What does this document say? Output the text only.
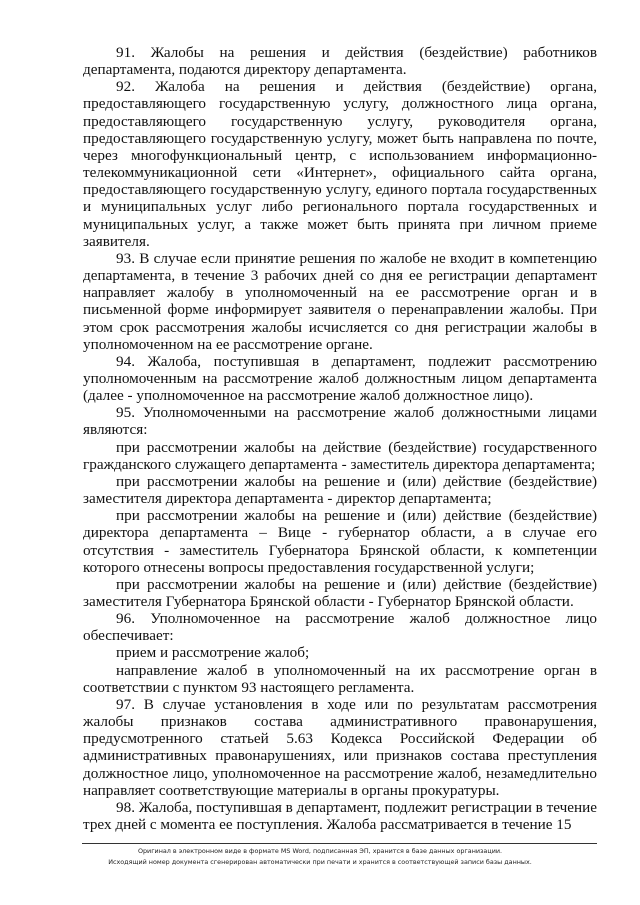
91. Жалобы на решения и действия (бездействие) работников департамента, подаются директору департамента.

92. Жалоба на решения и действия (бездействие) органа, предоставляющего государственную услугу, должностного лица органа, предоставляющего государственную услугу, руководителя органа, предоставляющего государственную услугу, может быть направлена по почте, через многофункциональный центр, с использованием информационно-телекоммуникационной сети «Интернет», официального сайта органа, предоставляющего государственную услугу, единого портала государственных и муниципальных услуг либо регионального портала государственных и муниципальных услуг, а также может быть принята при личном приеме заявителя.

93. В случае если принятие решения по жалобе не входит в компетенцию департамента, в течение 3 рабочих дней со дня ее регистрации департамент направляет жалобу в уполномоченный на ее рассмотрение орган и в письменной форме информирует заявителя о перенаправлении жалобы. При этом срок рассмотрения жалобы исчисляется со дня регистрации жалобы в уполномоченном на ее рассмотрение органе.

94. Жалоба, поступившая в департамент, подлежит рассмотрению уполномоченным на рассмотрение жалоб должностным лицом департамента (далее - уполномоченное на рассмотрение жалоб должностное лицо).

95. Уполномоченными на рассмотрение жалоб должностными лицами являются:

при рассмотрении жалобы на действие (бездействие) государственного гражданского служащего департамента - заместитель директора департамента;

при рассмотрении жалобы на решение и (или) действие (бездействие) заместителя директора департамента - директор департамента;

при рассмотрении жалобы на решение и (или) действие (бездействие) директора департамента – Вице - губернатор области, а в случае его отсутствия - заместитель Губернатора Брянской области, к компетенции которого отнесены вопросы предоставления государственной услуги;

при рассмотрении жалобы на решение и (или) действие (бездействие) заместителя Губернатора Брянской области - Губернатор Брянской области.

96. Уполномоченное на рассмотрение жалоб должностное лицо обеспечивает:

прием и рассмотрение жалоб;

направление жалоб в уполномоченный на их рассмотрение орган в соответствии с пунктом 93 настоящего регламента.

97. В случае установления в ходе или по результатам рассмотрения жалобы признаков состава административного правонарушения, предусмотренного статьей 5.63 Кодекса Российской Федерации об административных правонарушениях, или признаков состава преступления должностное лицо, уполномоченное на рассмотрение жалоб, незамедлительно направляет соответствующие материалы в органы прокуратуры.

98. Жалоба, поступившая в департамент, подлежит регистрации в течение трех дней с момента ее поступления. Жалоба рассматривается в течение 15

Оригинал в электронном виде в формате MS Word, подписанная ЭП, хранится в базе данных организации.
Исходящий номер документа сгенерирован автоматически при печати и хранится в соответствующей записи базы данных.
